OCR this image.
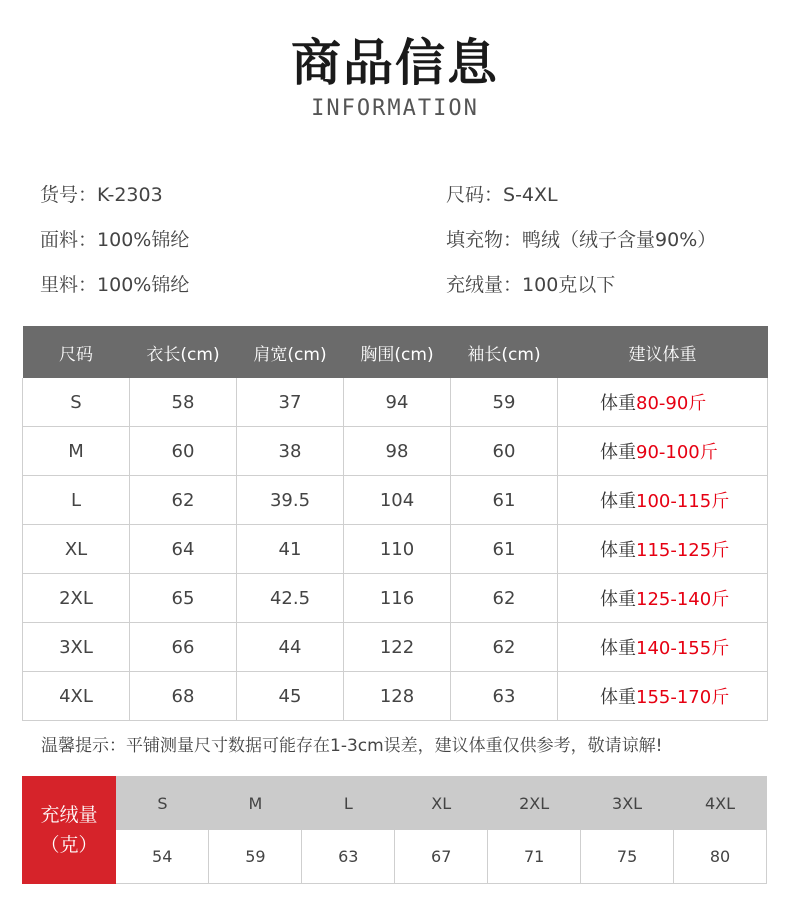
商品信息
INFORMATION
货号：K-2303	尺码：S-4XL
面料：100%锦纶	填充物：鸭绒（绒子含量90%）
里料：100%锦纶	充绒量：100克以下
尺码	衣长(cm)	肩宽(cm)	胸围(cm)	袖长(cm)	建议体重
S	58	37	94	59	体重80-90斤
M	60	38	98	60	体重90-100斤
L	62	39.5	104	61	体重100-115斤
XL	64	41	110	61	体重115-125斤
2XL	65	42.5	116	62	体重125-140斤
3XL	66	44	122	62	体重140-155斤
4XL	68	45	128	63	体重155-170斤
温馨提示：平铺测量尺寸数据可能存在1-3cm误差，建议体重仅供参考，敬请谅解!
充绒量
（克）
S	M	L	XL	2XL	3XL	4XL
54	59	63	67	71	75	80
